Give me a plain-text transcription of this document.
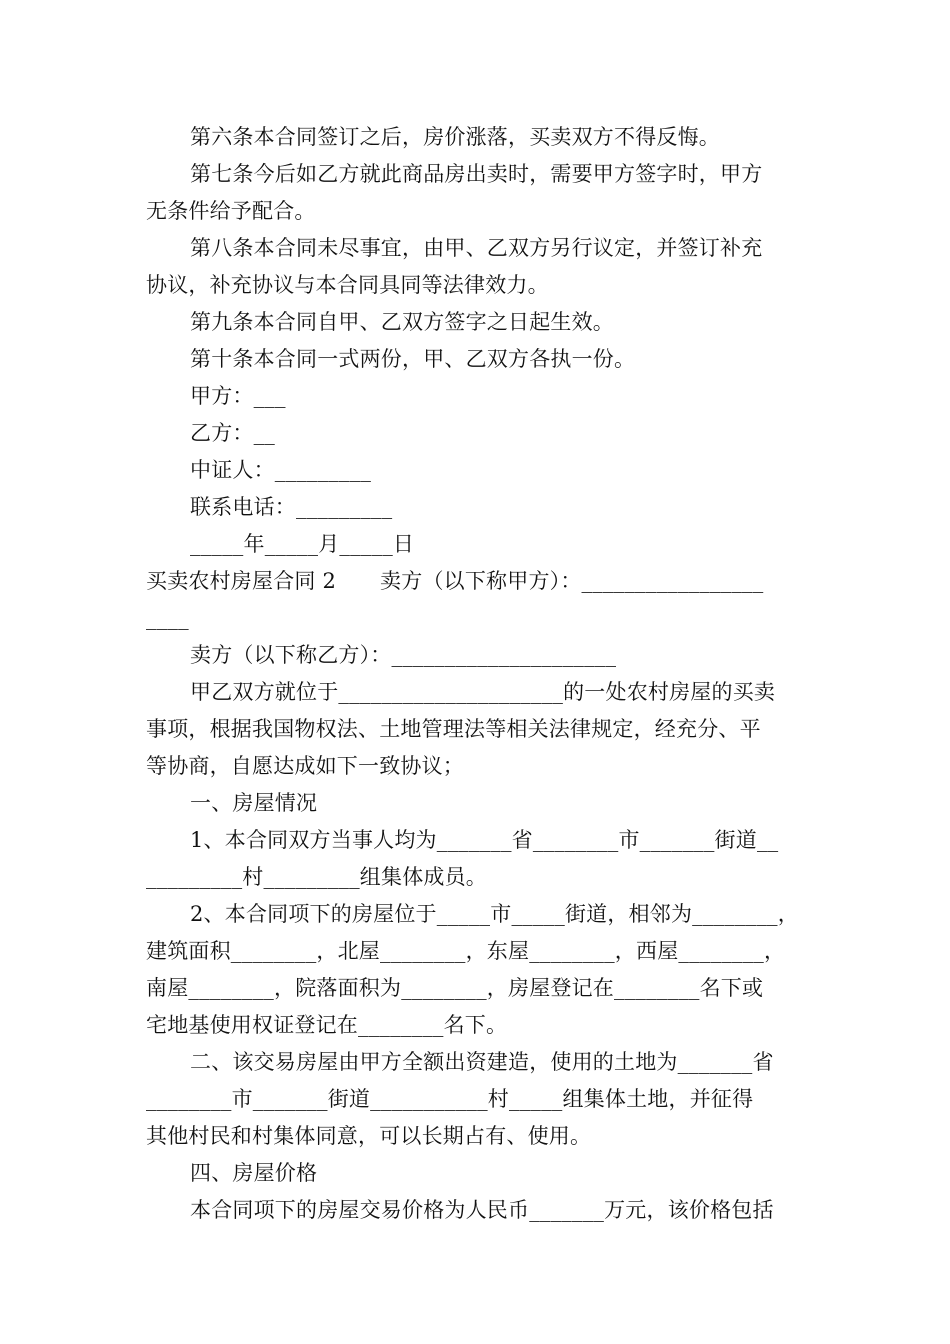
第六条本合同签订之后，房价涨落，买卖双方不得反悔。

第七条今后如乙方就此商品房出卖时，需要甲方签字时，甲方

无条件给予配合。

第八条本合同未尽事宜，由甲、乙双方另行议定，并签订补充

协议，补充协议与本合同具同等法律效力。

第九条本合同自甲、乙双方签字之日起生效。

第十条本合同一式两份，甲、乙双方各执一份。

甲方：___

乙方：__

中证人：_________

联系电话：_________

_____年_____月_____日

买卖农村房屋合同 2 卖方（以下称甲方）：_________________

____

卖方（以下称乙方）：_____________________

甲乙双方就位于_____________________的一处农村房屋的买卖

事项，根据我国物权法、土地管理法等相关法律规定，经充分、平

等协商，自愿达成如下一致协议；

一、房屋情况

1、本合同双方当事人均为_______省________市_______街道__

_________村_________组集体成员。

2、本合同项下的房屋位于_____市_____街道，相邻为________，

建筑面积________，北屋________，东屋________，西屋________，

南屋________，院落面积为________，房屋登记在________名下或

宅地基使用权证登记在________名下。

二、该交易房屋由甲方全额出资建造，使用的土地为_______省

________市_______街道___________村_____组集体土地，并征得

其他村民和村集体同意，可以长期占有、使用。

四、房屋价格

本合同项下的房屋交易价格为人民币_______万元，该价格包括
